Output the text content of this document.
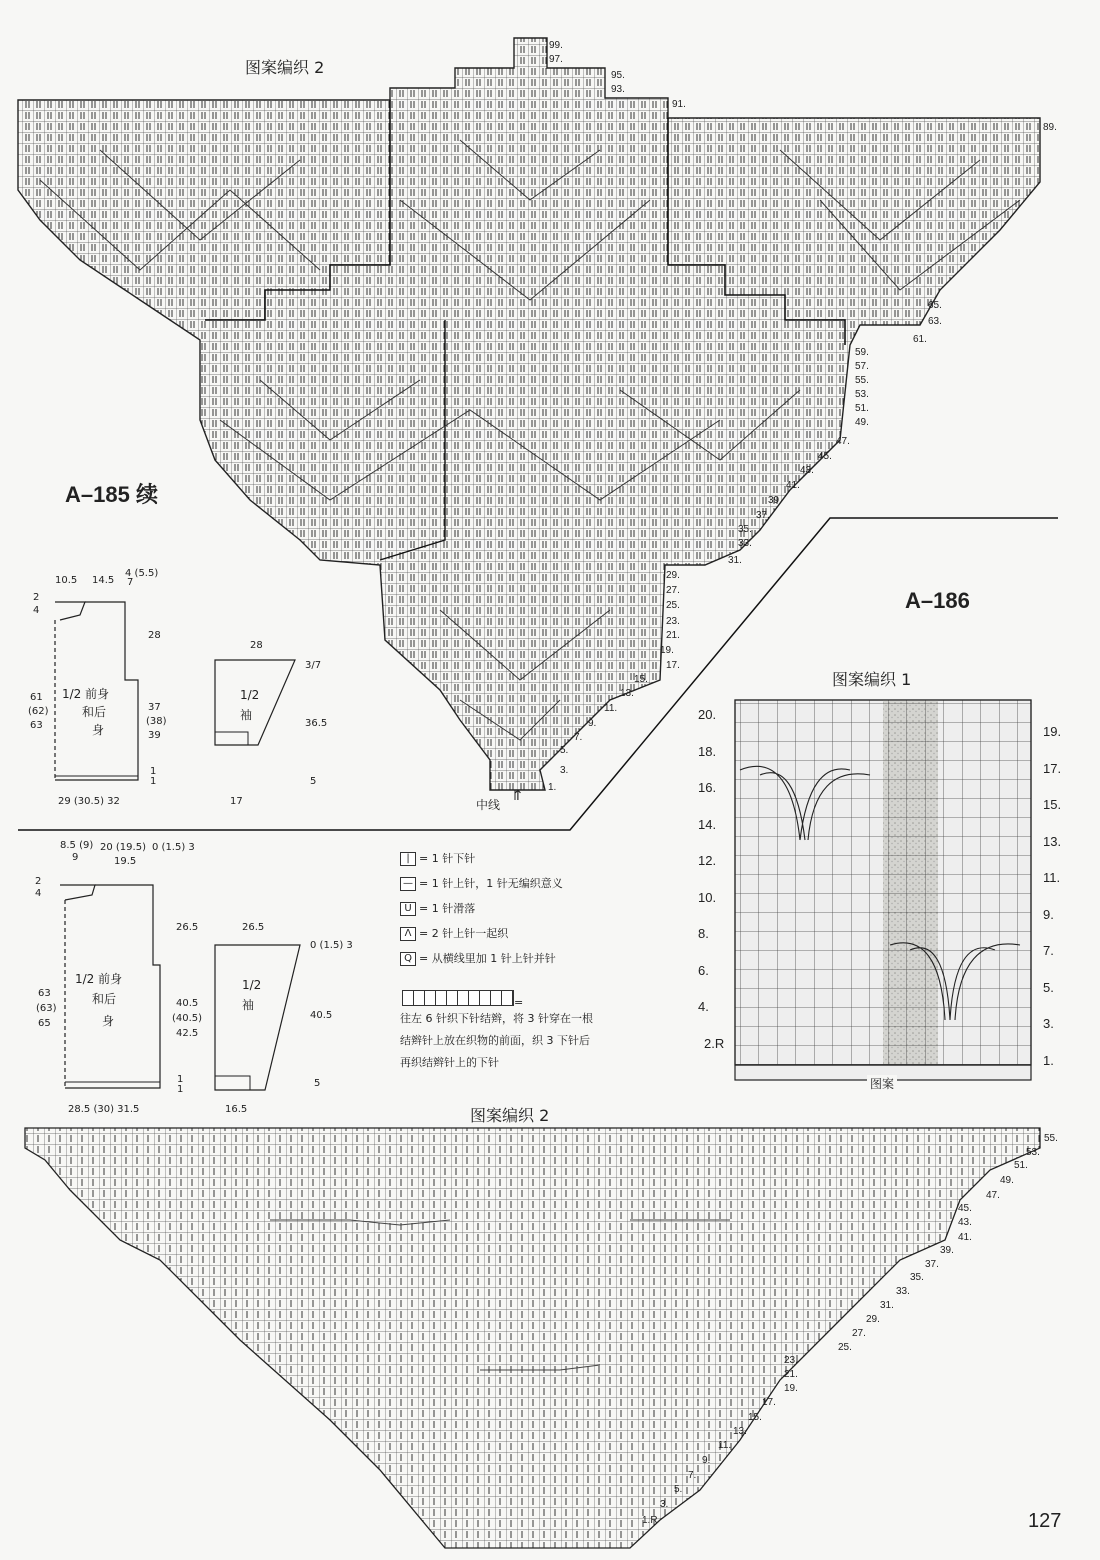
图案编织 2
A–185 续
A–186
图案编织 1
图案
图案编织 2
中线
↑
127
20.
18.
16.
14.
12.
10.
8.
6.
4.
2.R
19.
17.
15.
13.
11.
9.
7.
5.
3.
1.
99.
97.
95.
93.
91.
89.
65.
63.
61.
59.
57.
55.
53.
51.
49.
47.
45.
43.
41.
39.
37.
35.
33.
31.
29.
27.
25.
23.
21.
19.
17.
15.
13.
11.
9.
7.
5.
3.
1.
55.
53.
51.
49.
47.
45.
43.
41.
39.
37.
35.
33.
31.
29.
27.
25.
23.
21.
19.
17.
15.
13.
11.
9.
7.
5.
3.
1.R
10.5 14.5
4 (5.5)
7
2
4
28
61
(62)
63
37
(38)
39
1/2 前身
和后
身
29 (30.5) 32
1
1
28
3/7
1/2
袖
36.5
5
17
8.5 (9)
9
20 (19.5) 0 (1.5) 3
19.5
2
4
26.5
63
(63)
65
40.5
(40.5)
42.5
1/2 前身
和后
身
28.5 (30) 31.5
1
1
26.5
0 (1.5) 3
1/2
袖
40.5
5
16.5
| = 1 针下针
— = 1 针上针，1 针无编织意义
U = 1 针滑落
Λ = 2 针上针一起织
Q = 从横线里加 1 针上针并针
=
往左 6 针织下针结辫，将 3 针穿在一根
结辫针上放在织物的前面，织 3 下针后
再织结辫针上的下针
